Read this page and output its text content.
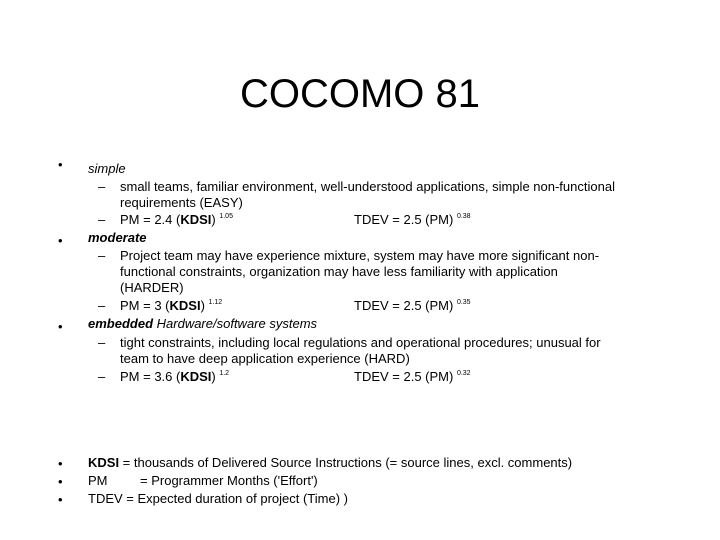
COCOMO 81
• simple
– small teams, familiar environment, well-understood applications, simple non-functional
requirements (EASY)
– PM = 2.4 (KDSI) $^{1.05}$	TDEV = 2.5 (PM) $^{0.38}$
• moderate
– Project team may have experience mixture, system may have more significant non-
functional constraints, organization may have less familiarity with application
(HARDER)
– PM = 3 (KDSI) $^{1.12}$	TDEV = 2.5 (PM) $^{0.35}$
• embedded Hardware/software systems
– tight constraints, including local regulations and operational procedures; unusual for
team to have deep application experience (HARD)
– PM = 3.6 (KDSI) $^{1.2}$	TDEV = 2.5 (PM) $^{0.32}$
• KDSI = thousands of Delivered Source Instructions (= source lines, excl. comments)
• PM         = Programmer Months ('Effort')
• TDEV = Expected duration of project (Time) )
